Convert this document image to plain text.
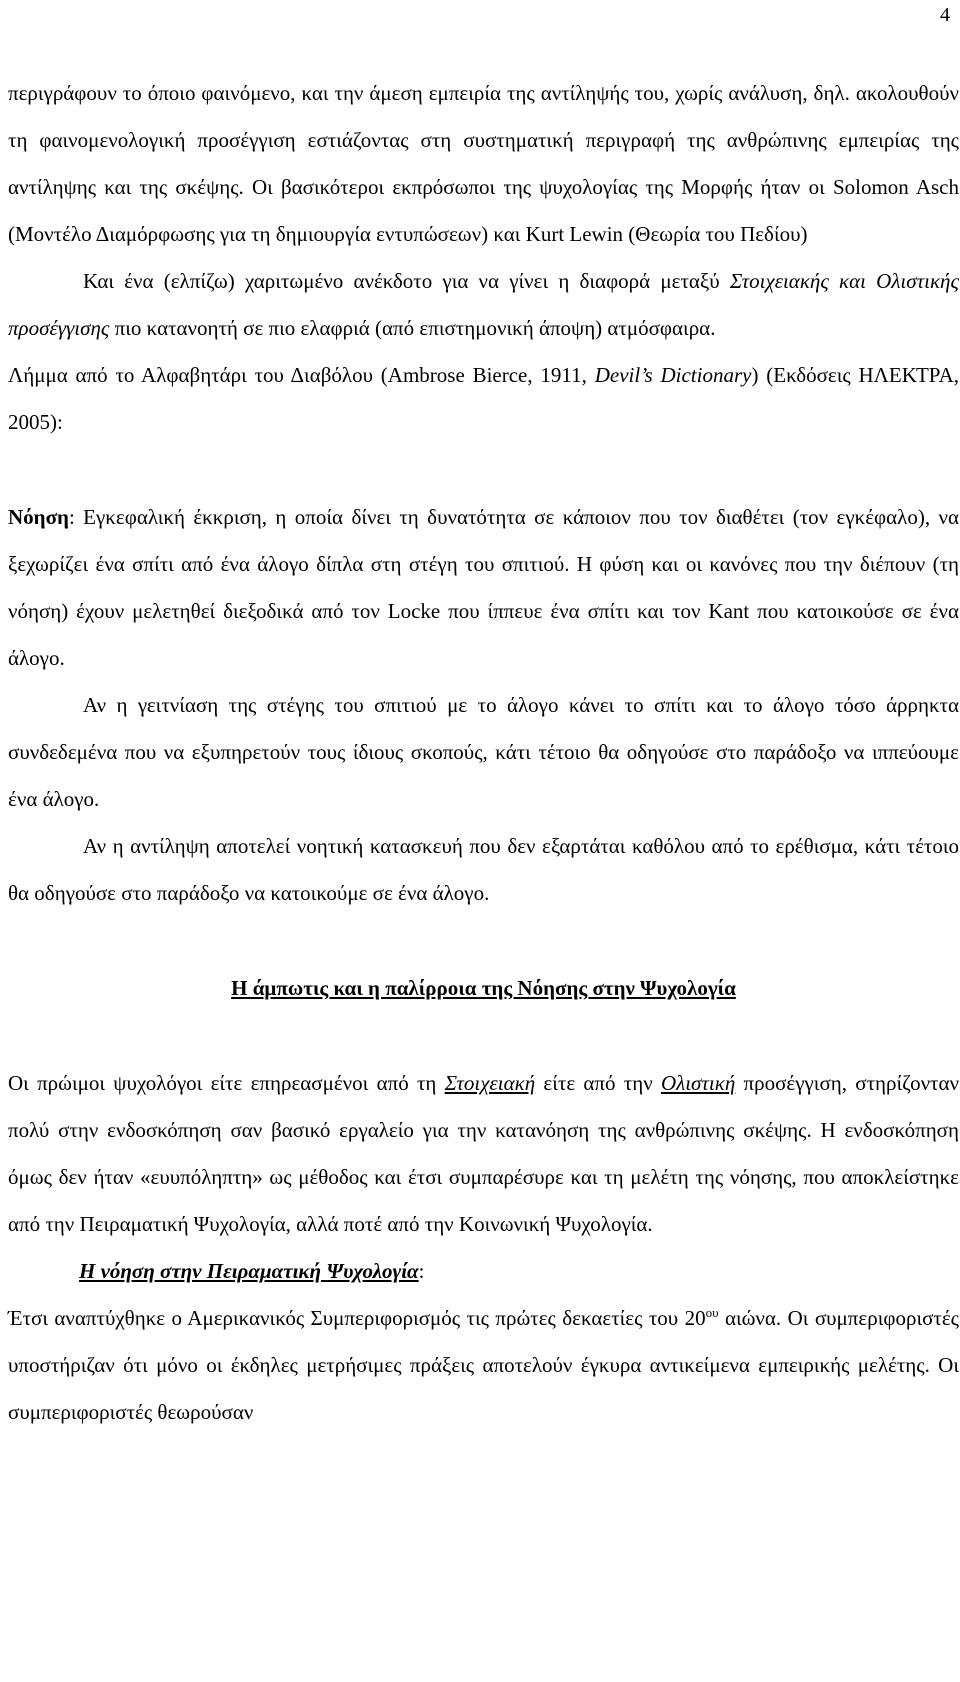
4

περιγράφουν το όποιο φαινόμενο, και την άμεση εμπειρία της αντίληψής του, χωρίς ανάλυση, δηλ. ακολουθούν τη φαινομενολογική προσέγγιση εστιάζοντας στη συστηματική περιγραφή της ανθρώπινης εμπειρίας της αντίληψης και της σκέψης. Οι βασικότεροι εκπρόσωποι της ψυχολογίας της Μορφής ήταν οι Solomon Asch (Μοντέλο Διαμόρφωσης για τη δημιουργία εντυπώσεων) και Kurt Lewin (Θεωρία του Πεδίου)

Και ένα (ελπίζω) χαριτωμένο ανέκδοτο για να γίνει η διαφορά μεταξύ Στοιχειακής και Ολιστικής προσέγγισης πιο κατανοητή σε πιο ελαφριά (από επιστημονική άποψη) ατμόσφαιρα.

Λήμμα από το Αλφαβητάρι του Διαβόλου (Ambrose Bierce, 1911, Devil’s Dictionary) (Εκδόσεις ΗΛΕΚΤΡΑ, 2005):

Νόηση: Εγκεφαλική έκκριση, η οποία δίνει τη δυνατότητα σε κάποιον που τον διαθέτει (τον εγκέφαλο), να ξεχωρίζει ένα σπίτι από ένα άλογο δίπλα στη στέγη του σπιτιού. Η φύση και οι κανόνες που την διέπουν (τη νόηση) έχουν μελετηθεί διεξοδικά από τον Locke που ίππευε ένα σπίτι και τον Kant που κατοικούσε σε ένα άλογο.

Αν η γειτνίαση της στέγης του σπιτιού με το άλογο κάνει το σπίτι και το άλογο τόσο άρρηκτα συνδεδεμένα που να εξυπηρετούν τους ίδιους σκοπούς, κάτι τέτοιο θα οδηγούσε στο παράδοξο να ιππεύουμε ένα άλογο.

Αν η αντίληψη αποτελεί νοητική κατασκευή που δεν εξαρτάται καθόλου από το ερέθισμα, κάτι τέτοιο θα οδηγούσε στο παράδοξο να κατοικούμε σε ένα άλογο.

Η άμπωτις και η παλίρροια της Νόησης στην Ψυχολογία

Οι πρώιμοι ψυχολόγοι είτε επηρεασμένοι από τη Στοιχειακή είτε από την Ολιστική προσέγγιση, στηρίζονταν πολύ στην ενδοσκόπηση σαν βασικό εργαλείο για την κατανόηση της ανθρώπινης σκέψης. Η ενδοσκόπηση όμως δεν ήταν «ευυπόληπτη» ως μέθοδος και έτσι συμπαρέσυρε και τη μελέτη της νόησης, που αποκλείστηκε από την Πειραματική Ψυχολογία, αλλά ποτέ από την Κοινωνική Ψυχολογία.

Η νόηση στην Πειραματική Ψυχολογία:

Έτσι αναπτύχθηκε ο Αμερικανικός Συμπεριφορισμός τις πρώτες δεκαετίες του $20^{o\upsilon}$ αιώνα. Οι συμπεριφοριστές υποστήριζαν ότι μόνο οι έκδηλες μετρήσιμες πράξεις αποτελούν έγκυρα αντικείμενα εμπειρικής μελέτης. Οι συμπεριφοριστές θεωρούσαν
